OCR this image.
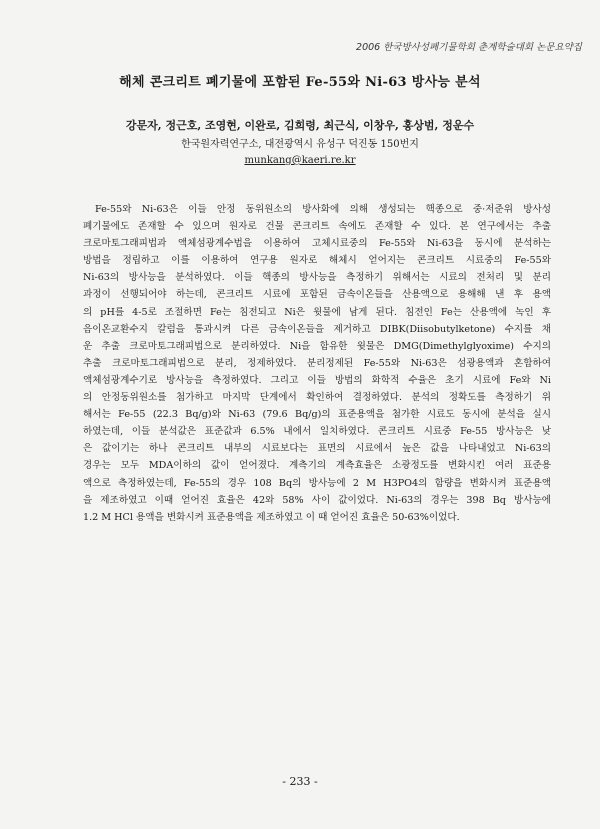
2006 한국방사성폐기물학회 춘계학술대회 논문요약집
해체 콘크리트 폐기물에 포함된 Fe-55와 Ni-63 방사능 분석
강문자, 정근호, 조영현, 이완로, 김희령, 최근식, 이창우, 홍상범, 정운수
한국원자력연구소, 대전광역시 유성구 덕진동 150번지
munkang@kaeri.re.kr
Fe-55와 Ni-63은 이들 안정 동위원소의 방사화에 의해 생성되는 핵종으로 중·저준위 방사성
폐기물에도 존재할 수 있으며 원자로 건물 콘크리트 속에도 존재할 수 있다. 본 연구에서는 추출
크로마토그래피법과 액체섬광계수법을 이용하여 고체시료중의 Fe-55와 Ni-63을 동시에 분석하는
방법을 정립하고 이를 이용하여 연구용 원자로 해체시 얻어지는 콘크리트 시료중의 Fe-55와
Ni-63의 방사능을 분석하였다. 이들 핵종의 방사능을 측정하기 위해서는 시료의 전처리 및 분리
과정이 선행되어야 하는데, 콘크리트 시료에 포함된 금속이온들을 산용액으로 용해해 낸 후 용액
의 pH를 4-5로 조절하면 Fe는 침전되고 Ni은 윗물에 남게 된다. 침전인 Fe는 산용액에 녹인 후
음이온교환수지 칼럼을 통과시켜 다른 금속이온들을 제거하고 DIBK(Diisobutylketone) 수지를 채
운 추출 크로마토그래피법으로 분리하였다. Ni을 함유한 윗물은 DMG(Dimethylglyoxime) 수지의
추출 크로마토그래피법으로 분리, 정제하였다. 분리정제된 Fe-55와 Ni-63은 섬광용액과 혼합하여
액체섬광계수기로 방사능을 측정하였다. 그리고 이들 방법의 화학적 수율은 초기 시료에 Fe와 Ni
의 안정동위원소를 첨가하고 마지막 단계에서 확인하여 결정하였다. 분석의 정확도를 측정하기 위
해서는 Fe-55 (22.3 Bq/g)와 Ni-63 (79.6 Bq/g)의 표준용액을 첨가한 시료도 동시에 분석을 실시
하였는데, 이들 분석값은 표준값과 6.5% 내에서 일치하였다. 콘크리트 시료중 Fe-55 방사능은 낮
은 값이기는 하나 콘크리트 내부의 시료보다는 표면의 시료에서 높은 값을 나타내었고 Ni-63의
경우는 모두 MDA이하의 값이 얻어졌다. 계측기의 계측효율은 소광정도를 변화시킨 여러 표준용
액으로 측정하였는데, Fe-55의 경우 108 Bq의 방사능에 2 M H3PO4의 함량을 변화시켜 표준용액
을 제조하였고 이때 얻어진 효율은 42와 58% 사이 값이었다. Ni-63의 경우는 398 Bq 방사능에
1.2 M HCl 용액을 변화시켜 표준용액을 제조하였고 이 때 얻어진 효율은 50-63%이었다.
- 233 -
